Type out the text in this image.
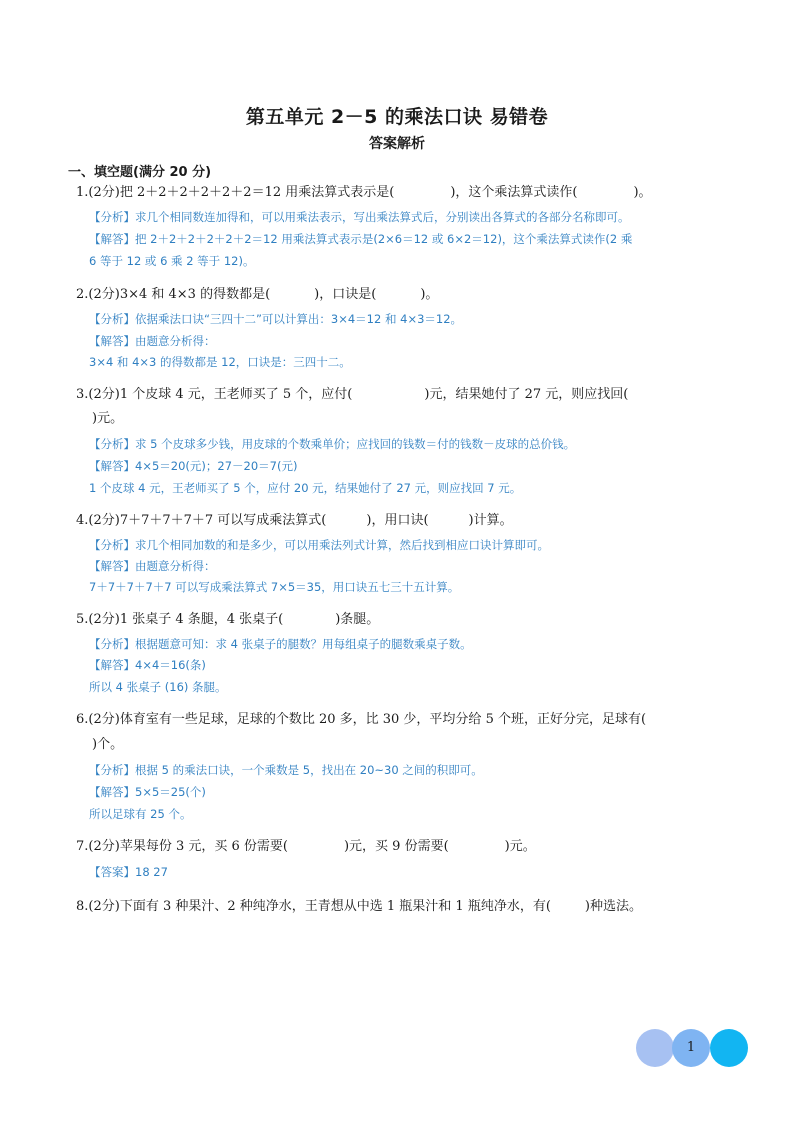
第五单元 2－5 的乘法口诀 易错卷
答案解析
一、填空题(满分 20 分)
1.(2分)把 2＋2＋2＋2＋2＋2＝12 用乘法算式表示是(	)，这个乘法算式读作(	)。
【分析】求几个相同数连加得和，可以用乘法表示，写出乘法算式后，分别读出各算式的各部分名称即可。
【解答】把 2＋2＋2＋2＋2＋2＝12 用乘法算式表示是(2×6＝12 或 6×2＝12)，这个乘法算式读作(2 乘
6 等于 12 或 6 乘 2 等于 12)。
2.(2分)3×4 和 4×3 的得数都是(	)，口诀是(	)。
【分析】依据乘法口诀“三四十二”可以计算出：3×4＝12 和 4×3＝12。
【解答】由题意分析得：
3×4 和 4×3 的得数都是 12，口诀是：三四十二。
3.(2分)1 个皮球 4 元，王老师买了 5 个，应付(	)元，结果她付了 27 元，则应找回(
)元。
【分析】求 5 个皮球多少钱，用皮球的个数乘单价；应找回的钱数＝付的钱数－皮球的总价钱。
【解答】4×5＝20(元)；27－20＝7(元)
1 个皮球 4 元，王老师买了 5 个，应付 20 元，结果她付了 27 元，则应找回 7 元。
4.(2分)7＋7＋7＋7＋7 可以写成乘法算式(	)，用口诀(	)计算。
【分析】求几个相同加数的和是多少，可以用乘法列式计算，然后找到相应口诀计算即可。
【解答】由题意分析得：
7＋7＋7＋7＋7 可以写成乘法算式 7×5＝35，用口诀五七三十五计算。
5.(2分)1 张桌子 4 条腿，4 张桌子(	)条腿。
【分析】根据题意可知：求 4 张桌子的腿数？用每组桌子的腿数乘桌子数。
【解答】4×4＝16(条)
所以 4 张桌子 (16) 条腿。
6.(2分)体育室有一些足球，足球的个数比 20 多，比 30 少，平均分给 5 个班，正好分完，足球有(
)个。
【分析】根据 5 的乘法口诀，一个乘数是 5，找出在 20~30 之间的积即可。
【解答】5×5＝25(个)
所以足球有 25 个。
7.(2分)苹果每份 3 元，买 6 份需要(	)元，买 9 份需要(	)元。
【答案】18 27
8.(2分)下面有 3 种果汁、2 种纯净水，王青想从中选 1 瓶果汁和 1 瓶纯净水，有(	)种选法。
1
